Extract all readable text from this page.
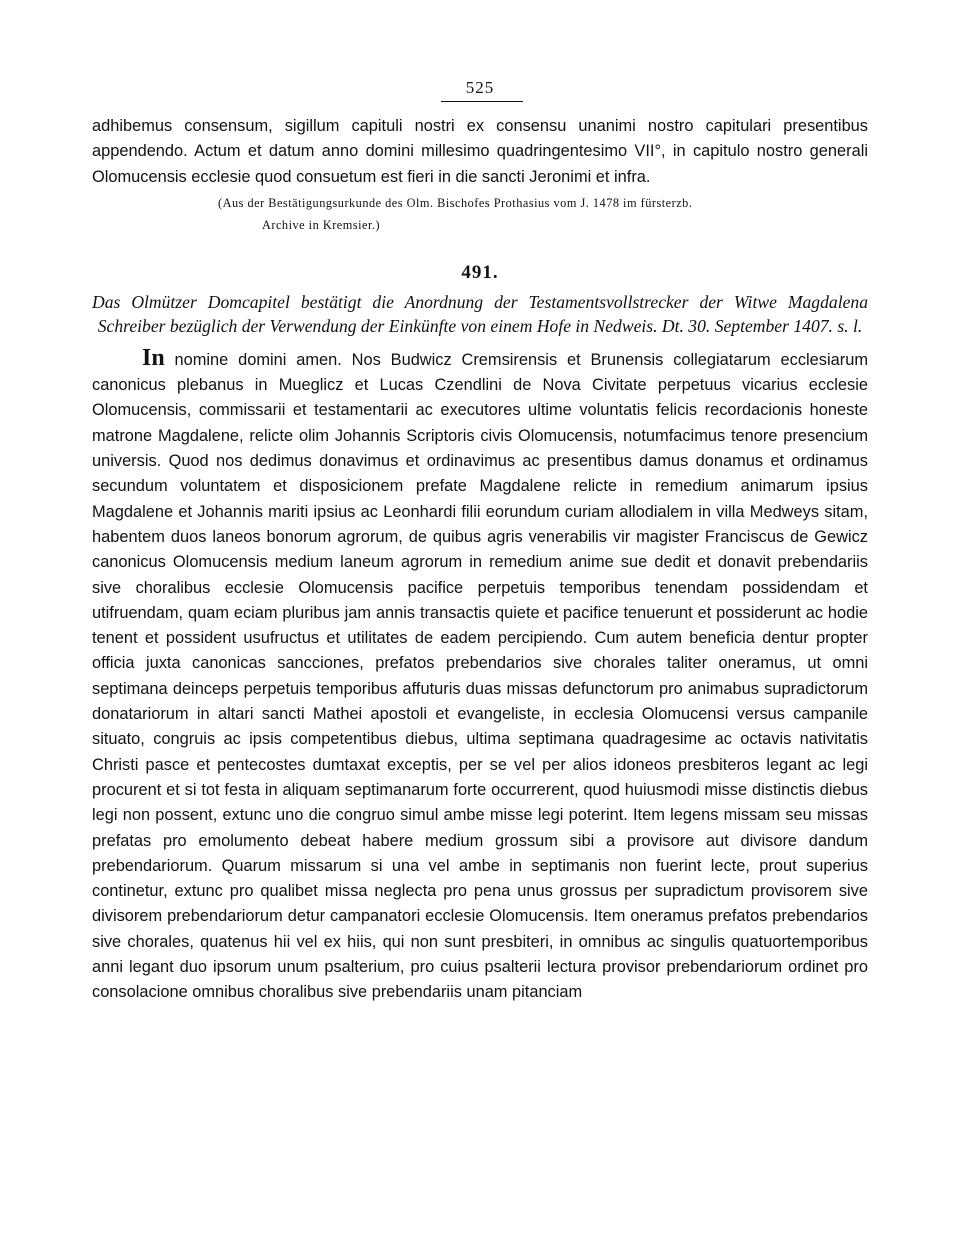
525

adhibemus consensum, sigillum capituli nostri ex consensu unanimi nostro capitulari presentibus appendendo. Actum et datum anno domini millesimo quadringentesimo VII°, in capitulo nostro generali Olomucensis ecclesie quod consuetum est fieri in die sancti Jeronimi et infra.

(Aus der Bestätigungsurkunde des Olm. Bischofes Prothasius vom J. 1478 im fürsterzb.
Archive in Kremsier.)
491.

Das Olmützer Domcapitel bestätigt die Anordnung der Testamentsvollstrecker der Witwe Magdalena Schreiber bezüglich der Verwendung der Einkünfte von einem Hofe in Nedweis. Dt. 30. September 1407. s. l.

In nomine domini amen. Nos Budwicz Cremsirensis et Brunensis collegiatarum ecclesiarum canonicus plebanus in Mueglicz et Lucas Czendlini de Nova Civitate perpetuus vicarius ecclesie Olomucensis, commissarii et testamentarii ac executores ultime voluntatis felicis recordacionis honeste matrone Magdalene, relicte olim Johannis Scriptoris civis Olomucensis, notumfacimus tenore presencium universis. Quod nos dedimus donavimus et ordinavimus ac presentibus damus donamus et ordinamus secundum voluntatem et disposicionem prefate Magdalene relicte in remedium animarum ipsius Magdalene et Johannis mariti ipsius ac Leonhardi filii eorundum curiam allodialem in villa Medweys sitam, habentem duos laneos bonorum agrorum, de quibus agris venerabilis vir magister Franciscus de Gewicz canonicus Olomucensis medium laneum agrorum in remedium anime sue dedit et donavit prebendariis sive choralibus ecclesie Olomucensis pacifice perpetuis temporibus tenendam possidendam et utifruendam, quam eciam pluribus jam annis transactis quiete et pacifice tenuerunt et possiderunt ac hodie tenent et possident usufructus et utilitates de eadem percipiendo. Cum autem beneficia dentur propter officia juxta canonicas sancciones, prefatos prebendarios sive chorales taliter oneramus, ut omni septimana deinceps perpetuis temporibus affuturis duas missas defunctorum pro animabus supradictorum donatariorum in altari sancti Mathei apostoli et evangeliste, in ecclesia Olomucensi versus campanile situato, congruis ac ipsis competentibus diebus, ultima septimana quadragesime ac octavis nativitatis Christi pasce et pentecostes dumtaxat exceptis, per se vel per alios idoneos presbiteros legant ac legi procurent et si tot festa in aliquam septimanarum forte occurrerent, quod huiusmodi misse distinctis diebus legi non possent, extunc uno die congruo simul ambe misse legi poterint. Item legens missam seu missas prefatas pro emolumento debeat habere medium grossum sibi a provisore aut divisore dandum prebendariorum. Quarum missarum si una vel ambe in septimanis non fuerint lecte, prout superius continetur, extunc pro qualibet missa neglecta pro pena unus grossus per supradictum provisorem sive divisorem prebendariorum detur campanatori ecclesie Olomucensis. Item oneramus prefatos prebendarios sive chorales, quatenus hii vel ex hiis, qui non sunt presbiteri, in omnibus ac singulis quatuortemporibus anni legant duo ipsorum unum psalterium, pro cuius psalterii lectura provisor prebendariorum ordinet pro consolacione omnibus choralibus sive prebendariis unam pitanciam
